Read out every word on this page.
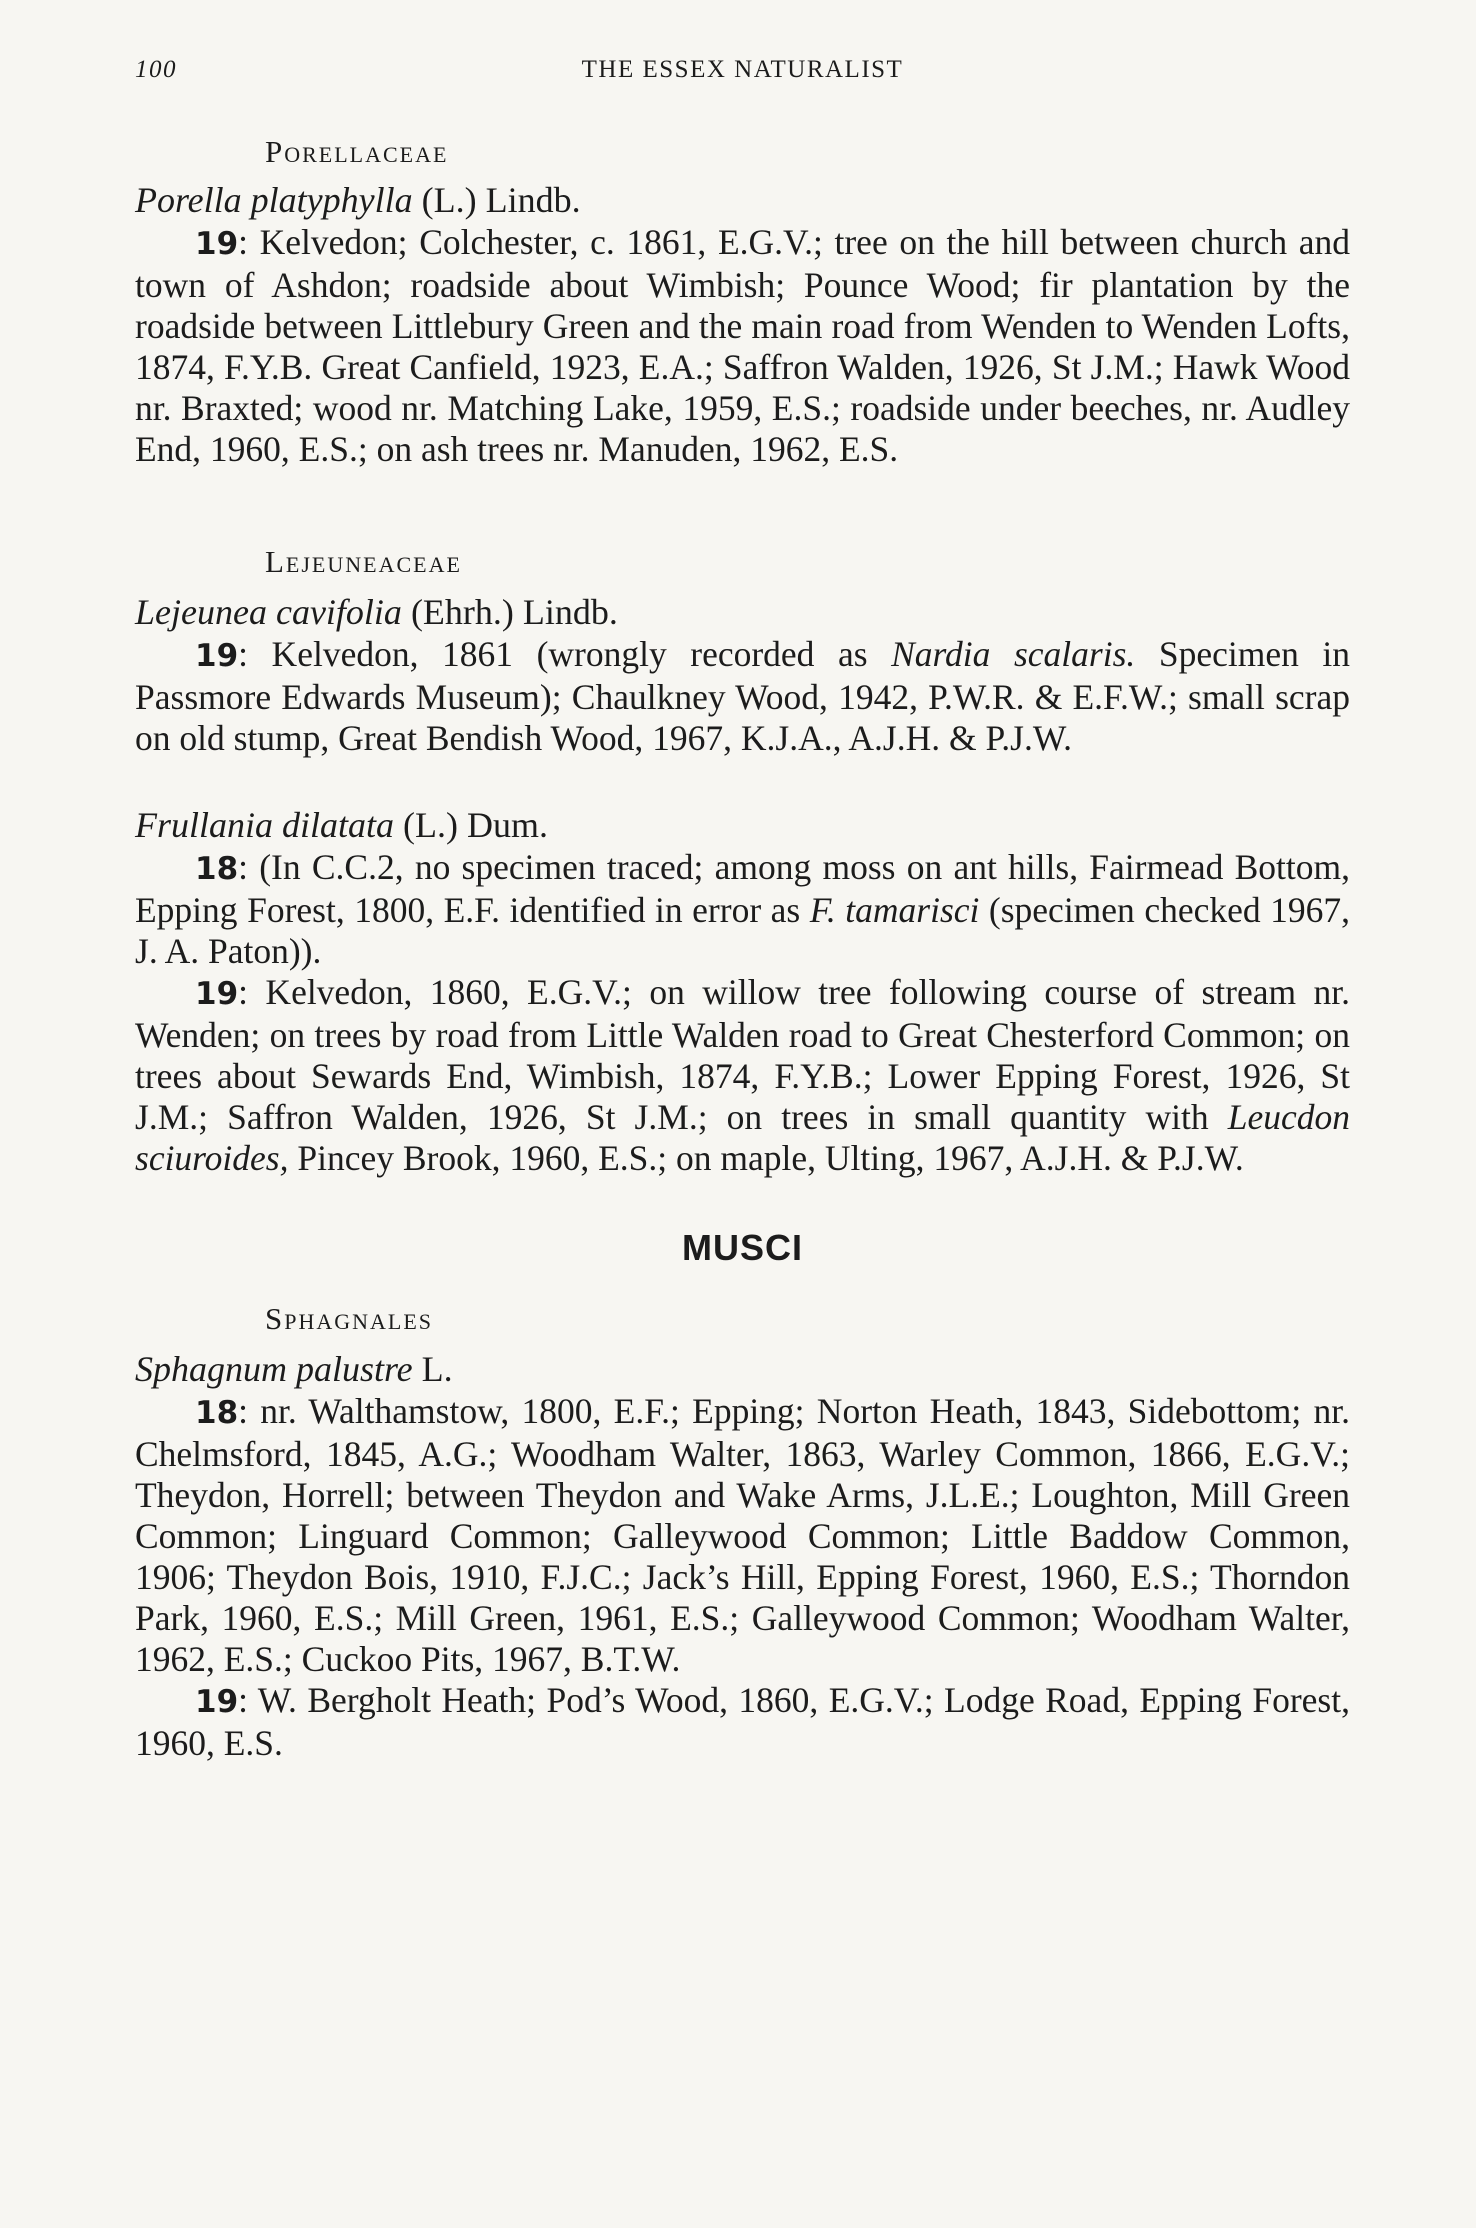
100	THE ESSEX NATURALIST
Porellaceae
Porella platyphylla (L.) Lindb.

19: Kelvedon; Colchester, c. 1861, E.G.V.; tree on the hill between church and town of Ashdon; roadside about Wimbish; Pounce Wood; fir plantation by the roadside between Littlebury Green and the main road from Wenden to Wenden Lofts, 1874, F.Y.B. Great Canfield, 1923, E.A.; Saffron Walden, 1926, St J.M.; Hawk Wood nr. Braxted; wood nr. Matching Lake, 1959, E.S.; roadside under beeches, nr. Audley End, 1960, E.S.; on ash trees nr. Manuden, 1962, E.S.

Lejeuneaceae
Lejeunea cavifolia (Ehrh.) Lindb.

19: Kelvedon, 1861 (wrongly recorded as Nardia scalaris. Specimen in Passmore Edwards Museum); Chaulkney Wood, 1942, P.W.R. & E.F.W.; small scrap on old stump, Great Bendish Wood, 1967, K.J.A., A.J.H. & P.J.W.

Frullania dilatata (L.) Dum.

18: (In C.C.2, no specimen traced; among moss on ant hills, Fairmead Bottom, Epping Forest, 1800, E.F. identified in error as F. tamarisci (specimen checked 1967, J. A. Paton)).

19: Kelvedon, 1860, E.G.V.; on willow tree following course of stream nr. Wenden; on trees by road from Little Walden road to Great Chesterford Common; on trees about Sewards End, Wimbish, 1874, F.Y.B.; Lower Epping Forest, 1926, St J.M.; Saffron Walden, 1926, St J.M.; on trees in small quantity with Leucdon sciuroides, Pincey Brook, 1960, E.S.; on maple, Ulting, 1967, A.J.H. & P.J.W.

MUSCI
Sphagnales
Sphagnum palustre L.

18: nr. Walthamstow, 1800, E.F.; Epping; Norton Heath, 1843, Sidebottom; nr. Chelmsford, 1845, A.G.; Woodham Walter, 1863, Warley Common, 1866, E.G.V.; Theydon, Horrell; between Theydon and Wake Arms, J.L.E.; Loughton, Mill Green Common; Linguard Common; Galleywood Common; Little Baddow Common, 1906; Theydon Bois, 1910, F.J.C.; Jack’s Hill, Epping Forest, 1960, E.S.; Thorndon Park, 1960, E.S.; Mill Green, 1961, E.S.; Galleywood Common; Woodham Walter, 1962, E.S.; Cuckoo Pits, 1967, B.T.W.

19: W. Bergholt Heath; Pod’s Wood, 1860, E.G.V.; Lodge Road, Epping Forest, 1960, E.S.
